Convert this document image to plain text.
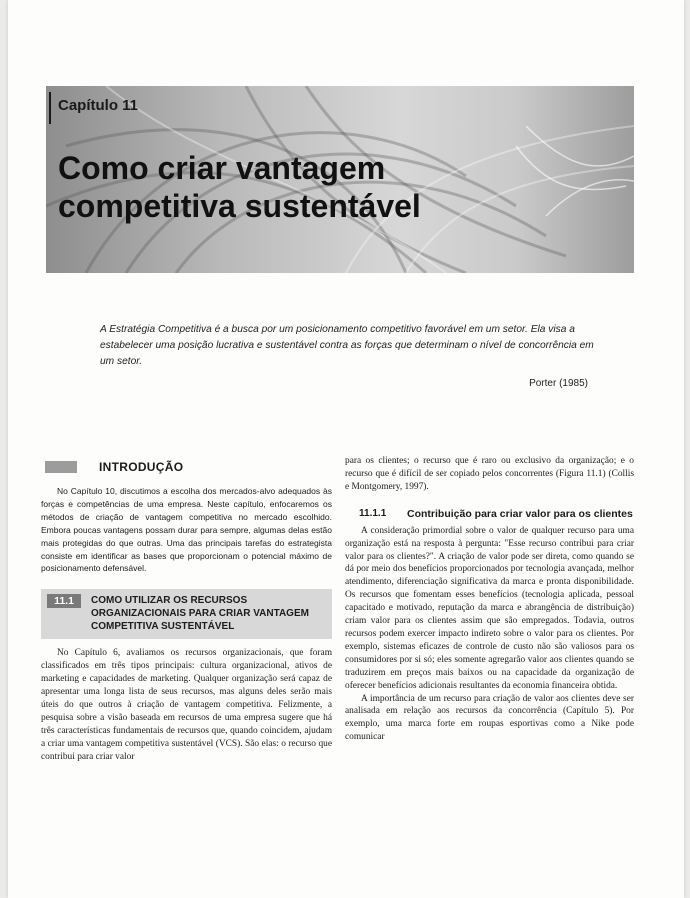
Capítulo 11
Como criar vantagem
competitiva sustentável
A Estratégia Competitiva é a busca por um posicionamento competitivo favorável em um setor. Ela visa a estabelecer uma posição lucrativa e sustentável contra as forças que determinam o nível de concorrência em um setor.
Porter (1985)
INTRODUÇÃO

No Capítulo 10, discutimos a escolha dos mercados-alvo adequados às forças e competências de uma empresa. Neste capítulo, enfocaremos os métodos de criação de vantagem competitiva no mercado escolhido. Embora poucas vantagens possam durar para sempre, algumas delas estão mais protegidas do que outras. Uma das principais tarefas do estrategista consiste em identificar as bases que proporcionam o potencial máximo de posicionamento defensável.

11.1	COMO UTILIZAR OS RECURSOS ORGANIZACIONAIS PARA CRIAR VANTAGEM COMPETITIVA SUSTENTÁVEL

No Capítulo 6, avaliamos os recursos organizacionais, que foram classificados em três tipos principais: cultura organizacional, ativos de marketing e capacidades de marketing. Qualquer organização será capaz de apresentar uma longa lista de seus recursos, mas alguns deles serão mais úteis do que outros à criação de vantagem competitiva. Felizmente, a pesquisa sobre a visão baseada em recursos de uma empresa sugere que há três características fundamentais de recursos que, quando coincidem, ajudam a criar uma vantagem competitiva sustentável (VCS). São elas: o recurso que contribui para criar valor

para os clientes; o recurso que é raro ou exclusivo da organização; e o recurso que é difícil de ser copiado pelos concorrentes (Figura 11.1) (Collis e Montgomery, 1997).

11.1.1	Contribuição para criar valor para os clientes

A consideração primordial sobre o valor de qualquer recurso para uma organização está na resposta à pergunta: "Esse recurso contribui para criar valor para os clientes?". A criação de valor pode ser direta, como quando se dá por meio dos benefícios proporcionados por tecnologia avançada, melhor atendimento, diferenciação significativa da marca e pronta disponibilidade. Os recursos que fomentam esses benefícios (tecnologia aplicada, pessoal capacitado e motivado, reputação da marca e abrangência de distribuição) criam valor para os clientes assim que são empregados. Todavia, outros recursos podem exercer impacto indireto sobre o valor para os clientes. Por exemplo, sistemas eficazes de controle de custo não são valiosos para os consumidores por si só; eles somente agregarão valor aos clientes quando se traduzirem em preços mais baixos ou na capacidade da organização de oferecer benefícios adicionais resultantes da economia financeira obtida.

A importância de um recurso para criação de valor aos clientes deve ser analisada em relação aos recursos da concorrência (Capítulo 5). Por exemplo, uma marca forte em roupas esportivas como a Nike pode comunicar
